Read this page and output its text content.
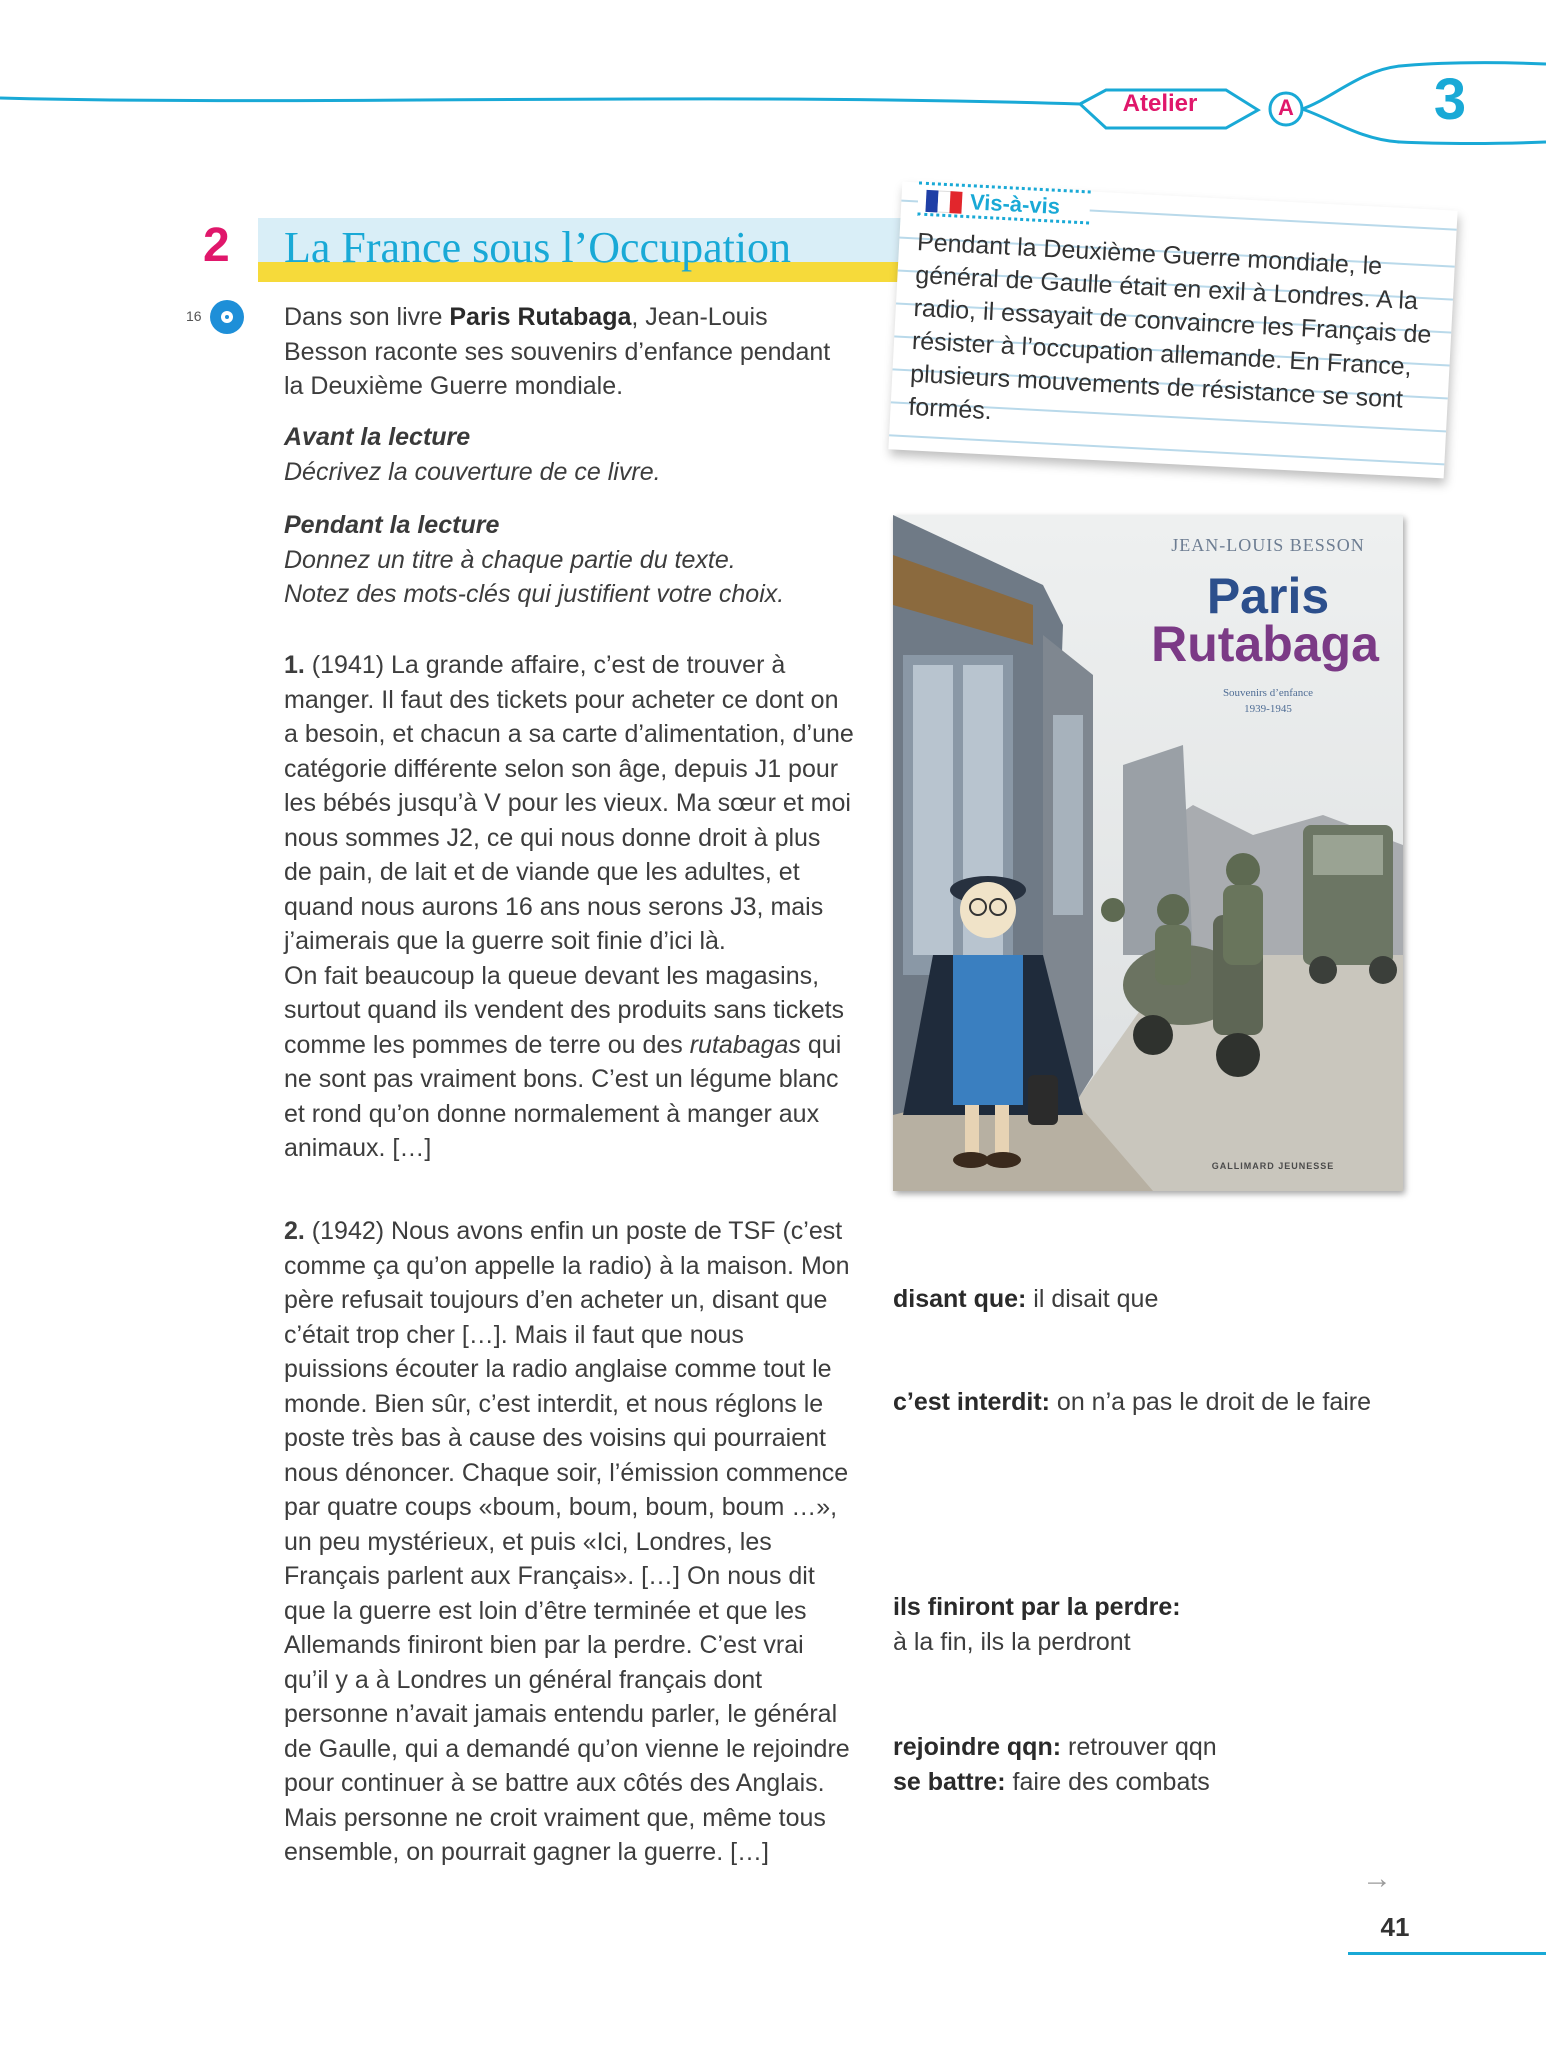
Atelier	A	3
2 La France sous l’Occupation
16	Dans son livre Paris Rutabaga, Jean-Louis Besson raconte ses souvenirs d’enfance pendant la Deuxième Guerre mondiale.
Avant la lecture
Décrivez la couverture de ce livre.
Pendant la lecture
Donnez un titre à chaque partie du texte.
Notez des mots-clés qui justifient votre choix.
1. (1941) La grande affaire, c’est de trouver à manger. Il faut des tickets pour acheter ce dont on a besoin, et chacun a sa carte d’alimentation, d’une catégorie différente selon son âge, depuis J1 pour les bébés jusqu’à V pour les vieux. Ma sœur et moi nous sommes J2, ce qui nous donne droit à plus de pain, de lait et de viande que les adultes, et quand nous aurons 16 ans nous serons J3, mais j’aimerais que la guerre soit finie d’ici là.
On fait beaucoup la queue devant les magasins, surtout quand ils vendent des produits sans tickets comme les pommes de terre ou des rutabagas qui ne sont pas vraiment bons. C’est un légume blanc et rond qu’on donne normalement à manger aux animaux. […]
2. (1942) Nous avons enfin un poste de TSF (c’est comme ça qu’on appelle la radio) à la maison. Mon père refusait toujours d’en acheter un, disant que c’était trop cher […]. Mais il faut que nous puissions écouter la radio anglaise comme tout le monde. Bien sûr, c’est interdit, et nous réglons le poste très bas à cause des voisins qui pourraient nous dénoncer. Chaque soir, l’émission commence par quatre coups «boum, boum, boum, boum …», un peu mystérieux, et puis «Ici, Londres, les Français parlent aux Français». […] On nous dit que la guerre est loin d’être terminée et que les Allemands finiront bien par la perdre. C’est vrai qu’il y a à Londres un général français dont personne n’avait jamais entendu parler, le général de Gaulle, qui a demandé qu’on vienne le rejoindre pour continuer à se battre aux côtés des Anglais. Mais personne ne croit vraiment que, même tous ensemble, on pourrait gagner la guerre. […]
Vis-à-vis
Pendant la Deuxième Guerre mondiale, le général de Gaulle était en exil à Londres. A la radio, il essayait de convaincre les Français de résister à l’occupation allemande. En France, plusieurs mouvements de résistance se sont formés.
JEAN-LOUIS BESSON
Paris
Rutabaga
Souvenirs d’enfance
1939-1945
GALLIMARD JEUNESSE
disant que: il disait que
c’est interdit: on n’a pas le droit de le faire
ils finiront par la perdre:
à la fin, ils la perdront
rejoindre qqn: retrouver qqn
se battre: faire des combats
→
41
